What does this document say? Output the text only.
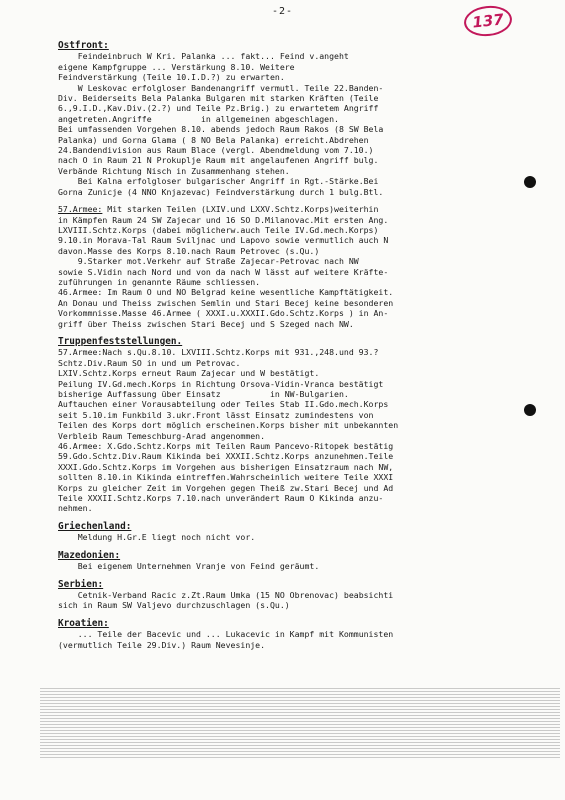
-2-	137

Ostfront:

Feindeinbruch W Kri. Palanka ... fakt... Feind v.angeht

eigene Kampfgruppe ... Verstärkung 8.10. Weitere

Feindverstärkung (Teile 10.I.D.?) zu erwarten.

W Leskovac erfolgloser Bandenangriff vermutl. Teile 22.Banden-

Div. Beiderseits Bela Palanka Bulgaren mit starken Kräften (Teile

6.,9.I.D.,Kav.Div.(2.?) und Teile Pz.Brig.) zu erwartetem Angriff

angetreten.Angriffe          in allgemeinen abgeschlagen.

Bei umfassenden Vorgehen 8.10. abends jedoch Raum Rakos (8 SW Bela

Palanka) und Gorna Glama ( 8 NO Bela Palanka) erreicht.Abdrehen

24.Bandendivision aus Raum Blace (vergl. Abendmeldung vom 7.10.)

nach O in Raum 21 N Prokuplje Raum mit angelaufenen Angriff bulg.

Verbände Richtung Nisch in Zusammenhang stehen.

Bei Kalna erfolgloser bulgarischer Angriff in Rgt.-Stärke.Bei

Gorna Zunicje (4 NNO Knjazevac) Feindverstärkung durch 1 bulg.Btl.

57.Armee: Mit starken Teilen (LXIV.und LXXV.Schtz.Korps)weiterhin

in Kämpfen Raum 24 SW Zajecar und 16 SO D.Milanovac.Mit ersten Ang.

LXVIII.Schtz.Korps (dabei möglicherw.auch Teile IV.Gd.mech.Korps)

9.10.in Morava-Tal Raum Sviljnac und Lapovo sowie vermutlich auch N

davon.Masse des Korps 8.10.nach Raum Petrovec (s.Qu.)

9.Starker mot.Verkehr auf Straße Zajecar-Petrovac nach NW

sowie S.Vidin nach Nord und von da nach W lässt auf weitere Kräfte-

zuführungen in genannte Räume schliessen.

46.Armee: Im Raum O und NO Belgrad keine wesentliche Kampftätigkeit.

An Donau und Theiss zwischen Semlin und Stari Becej keine besonderen

Vorkommnisse.Masse 46.Armee ( XXXI.u.XXXII.Gdo.Schtz.Korps ) in An-

griff über Theiss zwischen Stari Becej und S Szeged nach NW.

Truppenfeststellungen.

57.Armee:Nach s.Qu.8.10. LXVIII.Schtz.Korps mit 931.,248.und 93.?

Schtz.Div.Raum SO in und um Petrovac.

LXIV.Schtz.Korps erneut Raum Zajecar und W bestätigt.

Peilung IV.Gd.mech.Korps in Richtung Orsova-Vidin-Vranca bestätigt

bisherige Auffassung über Einsatz          in NW-Bulgarien.

Auftauchen einer Vorausabteilung oder Teiles Stab II.Gdo.mech.Korps

seit 5.10.im Funkbild 3.ukr.Front lässt Einsatz zumindestens von

Teilen des Korps dort möglich erscheinen.Korps bisher mit unbekannten

Verbleib Raum Temeschburg-Arad angenommen.

46.Armee: X.Gdo.Schtz.Korps mit Teilen Raum Pancevo-Ritopek bestätig

59.Gdo.Schtz.Div.Raum Kikinda bei XXXII.Schtz.Korps anzunehmen.Teile

XXXI.Gdo.Schtz.Korps im Vorgehen aus bisherigen Einsatzraum nach NW,

sollten 8.10.in Kikinda eintreffen.Wahrscheinlich weitere Teile XXXI

Korps zu gleicher Zeit im Vorgehen gegen Theiß zw.Stari Becej und Ad

Teile XXXII.Schtz.Korps 7.10.nach unverändert Raum O Kikinda anzu-

nehmen.

Griechenland:

Meldung H.Gr.E liegt noch nicht vor.

Mazedonien:

Bei eigenem Unternehmen Vranje von Feind geräumt.

Serbien:

Cetnik-Verband Racic z.Zt.Raum Umka (15 NO Obrenovac) beabsichti

sich in Raum SW Valjevo durchzuschlagen (s.Qu.)

Kroatien:

... Teile der Bacevic und ... Lukacevic in Kampf mit Kommunisten

(vermutlich Teile 29.Div.) Raum Nevesinje.
